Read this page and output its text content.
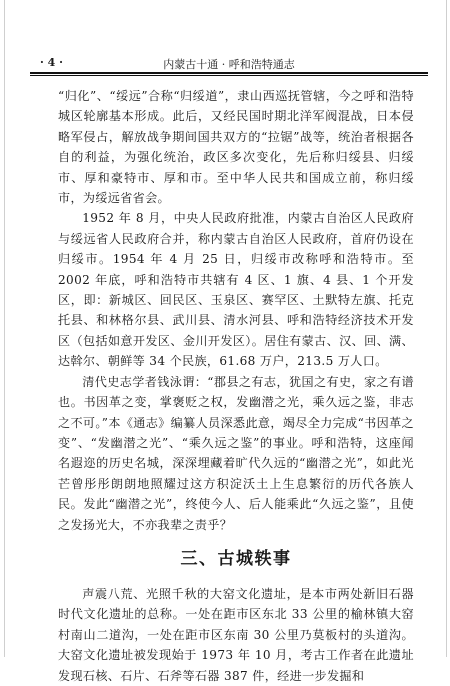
· 4 ·	内蒙古十通 · 呼和浩特通志

“归化”、“绥远”合称“归绥道”，隶山西巡抚管辖，今之呼和浩特城区轮廓基本形成。此后，又经民国时期北洋军阀混战，日本侵略军侵占，解放战争期间国共双方的“拉锯”战等，统治者根据各自的利益，为强化统治，政区多次变化，先后称归绥县、归绥市、厚和豪特市、厚和市。至中华人民共和国成立前，称归绥市，为绥远省省会。

1952 年 8 月，中央人民政府批准，内蒙古自治区人民政府与绥远省人民政府合并，称内蒙古自治区人民政府，首府仍设在归绥市。1954 年 4 月 25 日，归绥市改称呼和浩特市。至 2002 年底，呼和浩特市共辖有 4 区、1 旗、4 县、1 个开发区，即：新城区、回民区、玉泉区、赛罕区、土默特左旗、托克托县、和林格尔县、武川县、清水河县、呼和浩特经济技术开发区（包括如意开发区、金川开发区）。居住有蒙古、汉、回、满、达斡尔、朝鲜等 34 个民族，61.68 万户，213.5 万人口。

清代史志学者钱泳谓：“郡县之有志，犹国之有史，家之有谱也。书因革之变，掌褒贬之权，发幽潜之光，乘久远之鉴，非志之不可。”本《通志》编纂人员深悉此意，竭尽全力完成“书因革之变”、“发幽潜之光”、“乘久远之鉴”的事业。呼和浩特，这座闻名遐迩的历史名城，深深埋藏着旷代久远的“幽潜之光”，如此光芒曾彤彤朗朗地照耀过这方积淀沃土上生息繁衍的历代各族人民。发此“幽潜之光”，终使今人、后人能乘此“久远之鉴”，且使之发扬光大，不亦我辈之责乎？

三、古城轶事

声震八荒、光照千秋的大窑文化遗址，是本市两处新旧石器时代文化遗址的总称。一处在距市区东北 33 公里的榆林镇大窑村南山二道沟，一处在距市区东南 30 公里乃莫板村的头道沟。大窑文化遗址被发现始于 1973 年 10 月，考古工作者在此遗址发现石核、石片、石斧等石器 387 件，经进一步发掘和
